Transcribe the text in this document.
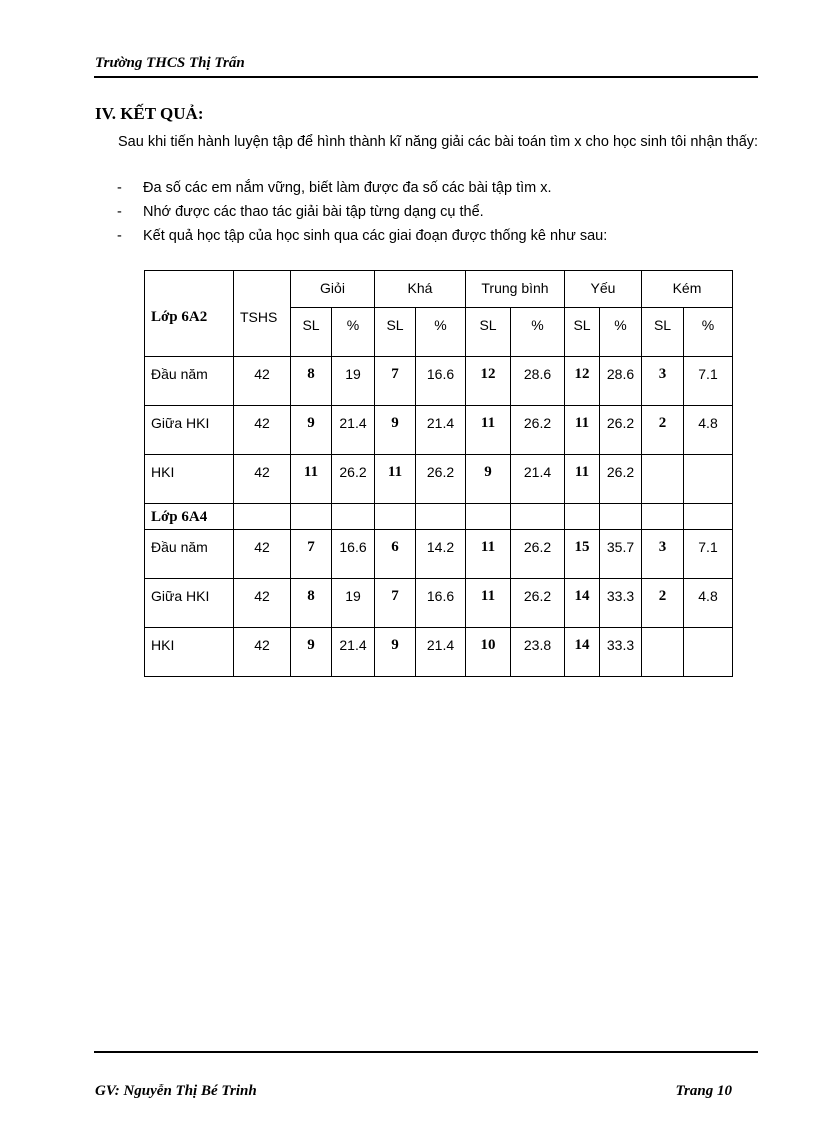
Trường THCS Thị Trấn
IV. KẾT QUẢ:
Sau khi tiến hành luyện tập để hình thành kĩ năng giải các bài toán tìm x cho học sinh tôi nhận thấy:
-	Đa số các em nắm vững, biết làm được đa số các bài tập tìm x.
-	Nhớ được các thao tác giải bài tập từng dạng cụ thể.
-	Kết quả học tập của học sinh qua các giai đoạn được thống kê như sau:
Lớp 6A2	TSHS	Giỏi		Khá		Trung bình		Yếu		Kém	
		SL	%	SL	%	SL	%	SL	%	SL	%
Đầu năm	42	8	19	7	16.6	12	28.6	12	28.6	3	7.1
Giữa HKI	42	9	21.4	9	21.4	11	26.2	11	26.2	2	4.8
HKI	42	11	26.2	11	26.2	9	21.4	11	26.2		
Lớp 6A4											
Đầu năm	42	7	16.6	6	14.2	11	26.2	15	35.7	3	7.1
Giữa HKI	42	8	19	7	16.6	11	26.2	14	33.3	2	4.8
HKI	42	9	21.4	9	21.4	10	23.8	14	33.3		
GV: Nguyễn Thị Bé Trinh	Trang 10
